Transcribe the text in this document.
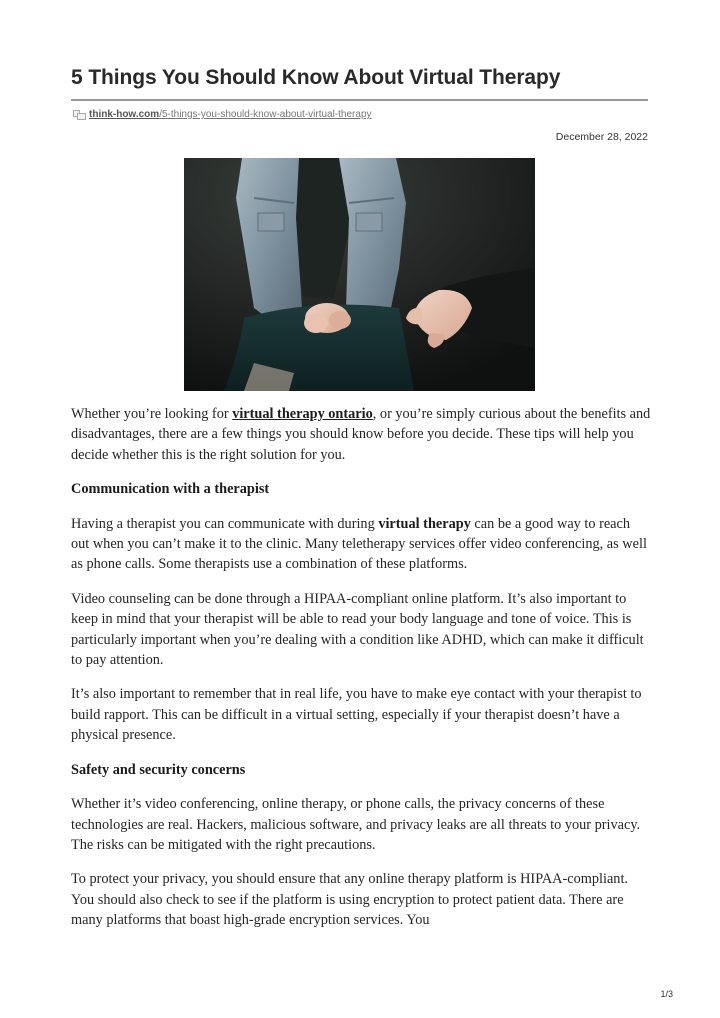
5 Things You Should Know About Virtual Therapy
think-how.com /5-things-you-should-know-about-virtual-therapy
December 28, 2022

Whether you’re looking for virtual therapy ontario, or you’re simply curious about the benefits and disadvantages, there are a few things you should know before you decide. These tips will help you decide whether this is the right solution for you.

Communication with a therapist

Having a therapist you can communicate with during virtual therapy can be a good way to reach out when you can’t make it to the clinic. Many teletherapy services offer video conferencing, as well as phone calls. Some therapists use a combination of these platforms.

Video counseling can be done through a HIPAA-compliant online platform. It’s also important to keep in mind that your therapist will be able to read your body language and tone of voice. This is particularly important when you’re dealing with a condition like ADHD, which can make it difficult to pay attention.

It’s also important to remember that in real life, you have to make eye contact with your therapist to build rapport. This can be difficult in a virtual setting, especially if your therapist doesn’t have a physical presence.

Safety and security concerns

Whether it’s video conferencing, online therapy, or phone calls, the privacy concerns of these technologies are real. Hackers, malicious software, and privacy leaks are all threats to your privacy. The risks can be mitigated with the right precautions.

To protect your privacy, you should ensure that any online therapy platform is HIPAA-compliant. You should also check to see if the platform is using encryption to protect patient data. There are many platforms that boast high-grade encryption services. You

1/3
